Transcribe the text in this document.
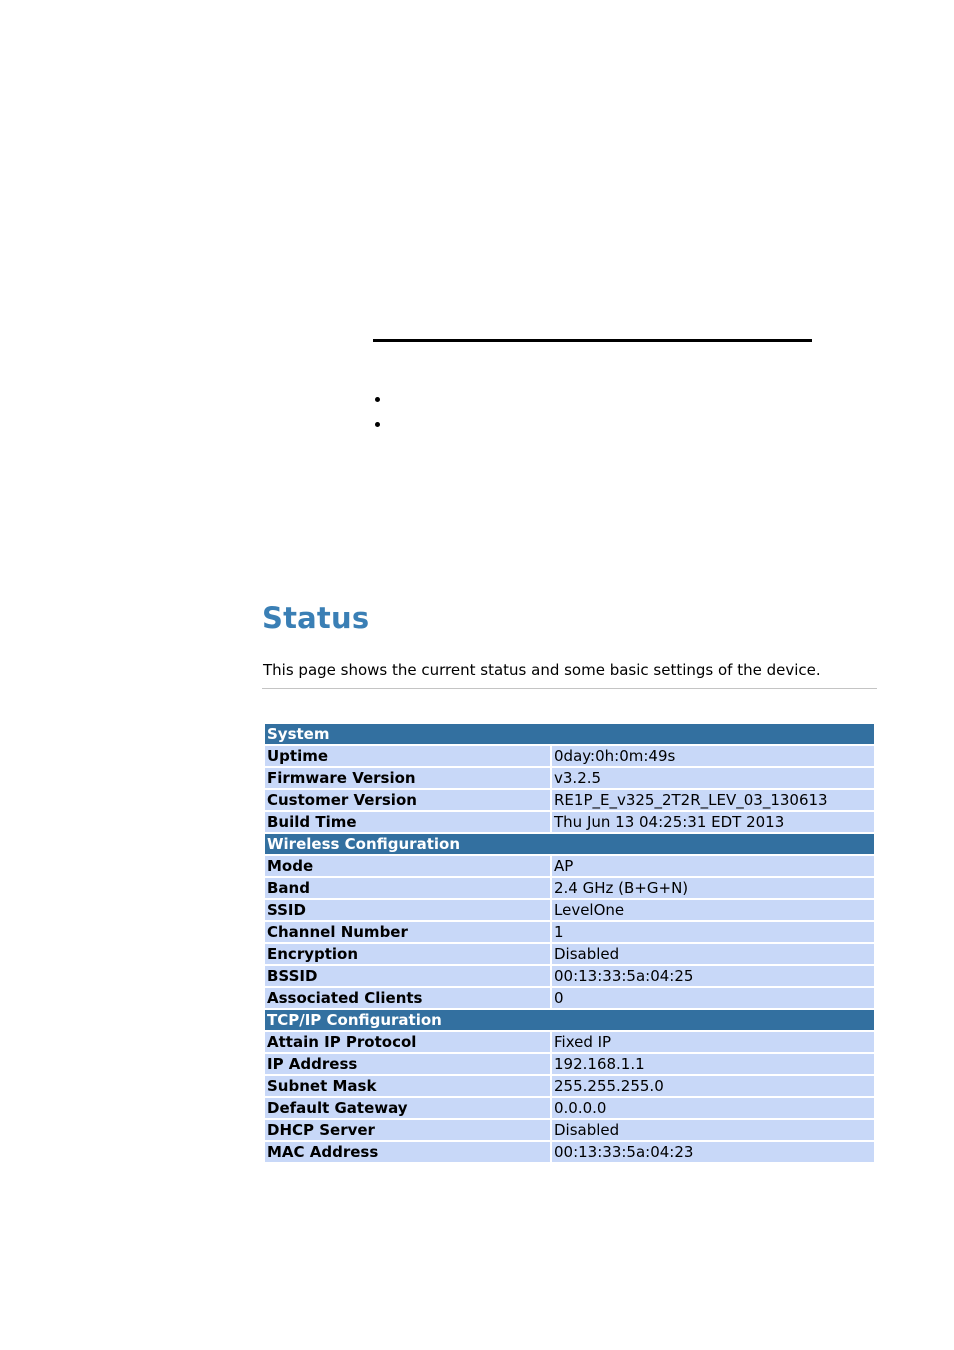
Status
This page shows the current status and some basic settings of the device.
System	
Uptime	0day:0h:0m:49s
Firmware Version	v3.2.5
Customer Version	RE1P_E_v325_2T2R_LEV_03_130613
Build Time	Thu Jun 13 04:25:31 EDT 2013
Wireless Configuration	
Mode	AP
Band	2.4 GHz (B+G+N)
SSID	LevelOne
Channel Number	1
Encryption	Disabled
BSSID	00:13:33:5a:04:25
Associated Clients	0
TCP/IP Configuration	
Attain IP Protocol	Fixed IP
IP Address	192.168.1.1
Subnet Mask	255.255.255.0
Default Gateway	0.0.0.0
DHCP Server	Disabled
MAC Address	00:13:33:5a:04:23
